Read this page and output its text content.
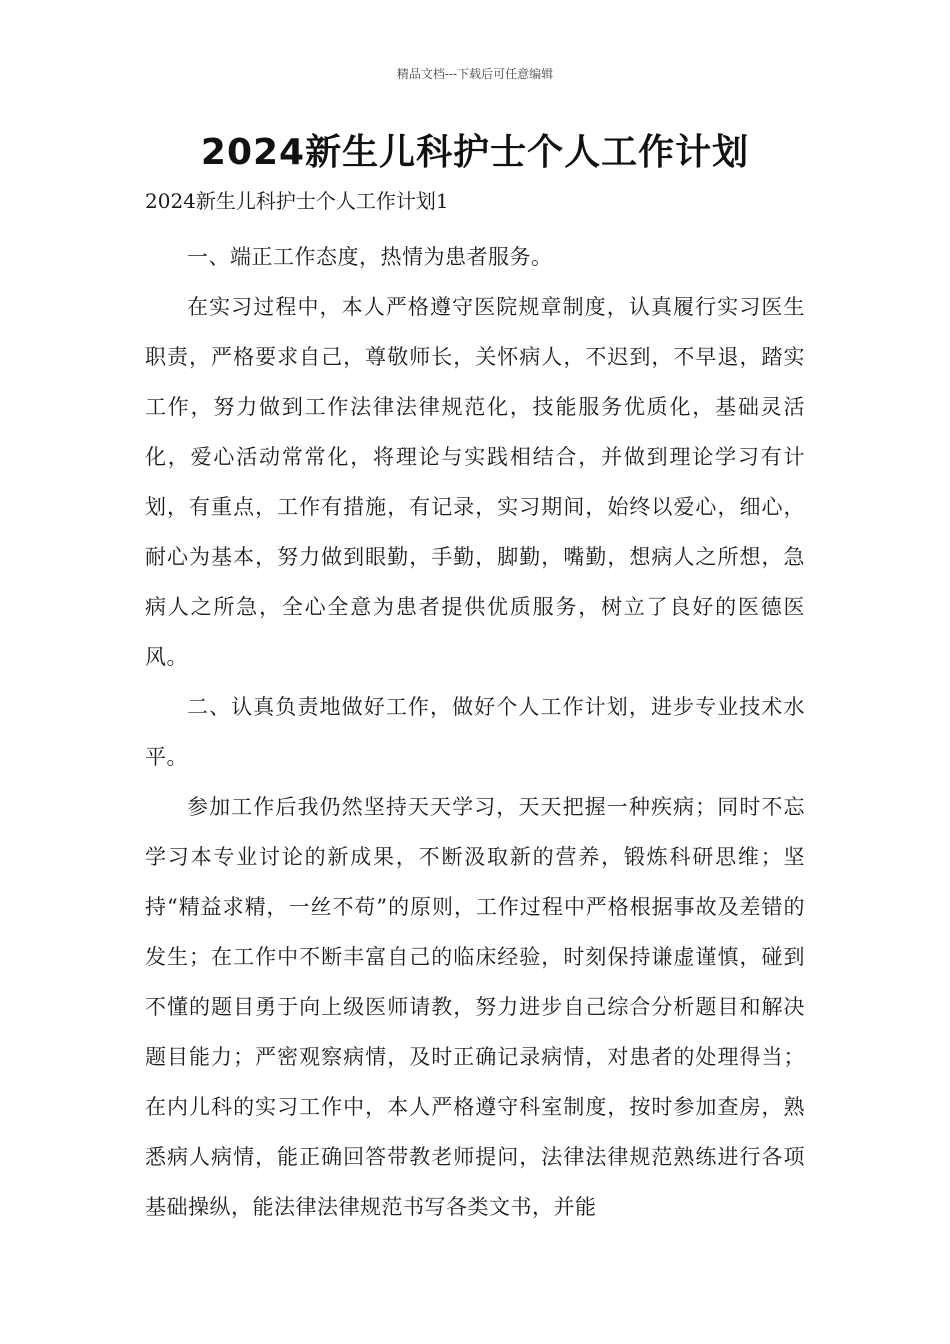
精品文档---下载后可任意编辑
2024新生儿科护士个人工作计划
2024新生儿科护士个人工作计划1

一、端正工作态度，热情为患者服务。

在实习过程中，本人严格遵守医院规章制度，认真履行实习医生职责，严格要求自己，尊敬师长，关怀病人，不迟到，不早退，踏实工作，努力做到工作法律法律规范化，技能服务优质化，基础灵活化，爱心活动常常化，将理论与实践相结合，并做到理论学习有计划，有重点，工作有措施，有记录，实习期间，始终以爱心，细心，耐心为基本，努力做到眼勤，手勤，脚勤，嘴勤，想病人之所想，急病人之所急，全心全意为患者提供优质服务，树立了良好的医德医风。

二、认真负责地做好工作，做好个人工作计划，进步专业技术水平。

参加工作后我仍然坚持天天学习，天天把握一种疾病；同时不忘学习本专业讨论的新成果，不断汲取新的营养，锻炼科研思维；坚持“精益求精，一丝不苟”的原则，工作过程中严格根据事故及差错的发生；在工作中不断丰富自己的临床经验，时刻保持谦虚谨慎，碰到不懂的题目勇于向上级医师请教，努力进步自己综合分析题目和解决题目能力；严密观察病情，及时正确记录病情，对患者的处理得当；在内儿科的实习工作中，本人严格遵守科室制度，按时参加查房，熟悉病人病情，能正确回答带教老师提问，法律法律规范熟练进行各项基础操纵，能法律法律规范书写各类文书，并能
